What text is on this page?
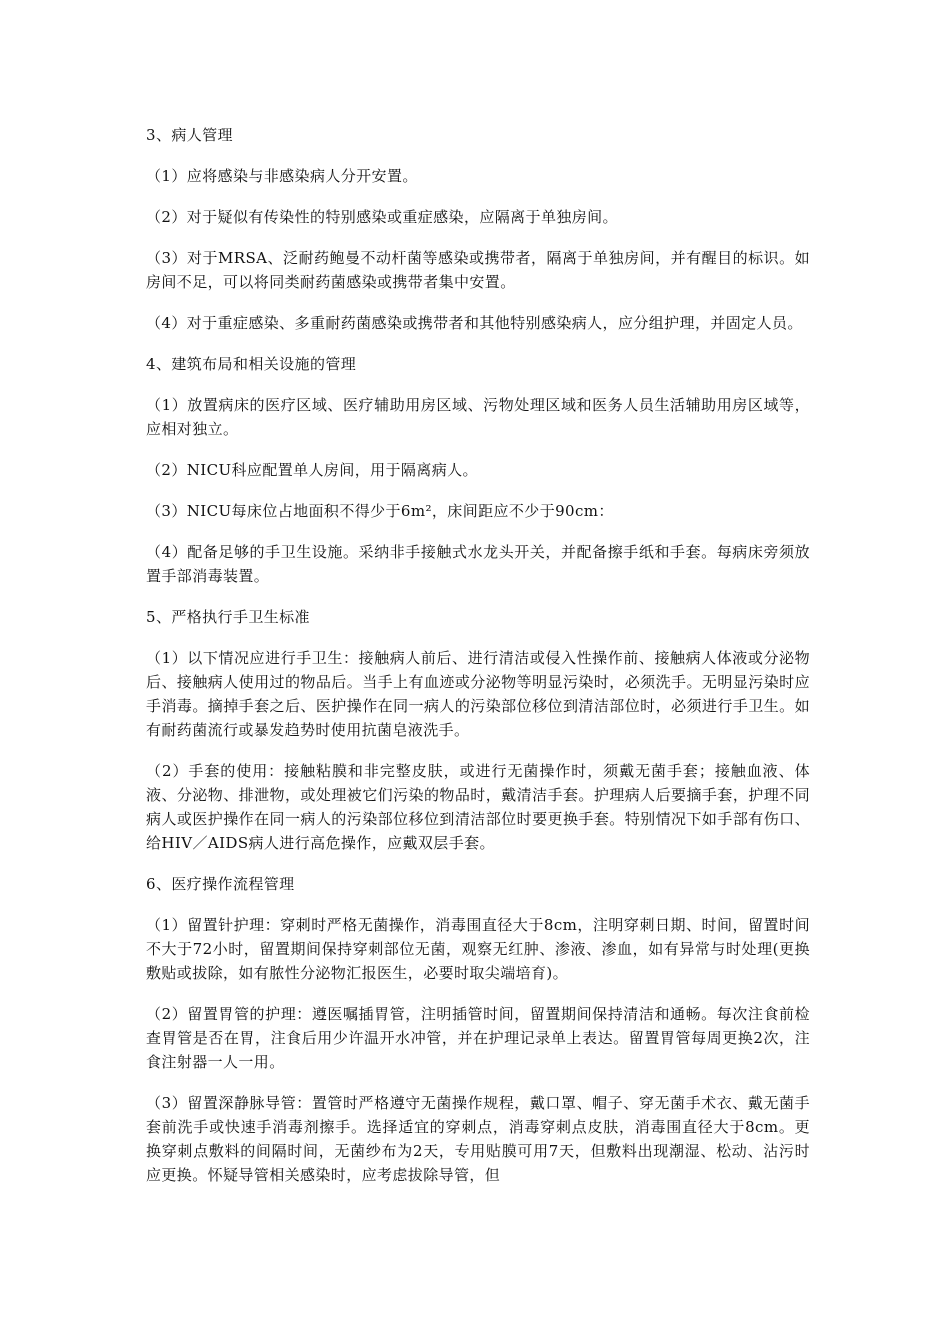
3、病人管理
（1）应将感染与非感染病人分开安置。
（2）对于疑似有传染性的特别感染或重症感染，应隔离于单独房间。
（3）对于MRSA、泛耐药鲍曼不动杆菌等感染或携带者，隔离于单独房间，并有醒目的标识。如房间不足，可以将同类耐药菌感染或携带者集中安置。
（4）对于重症感染、多重耐药菌感染或携带者和其他特别感染病人，应分组护理，并固定人员。
4、建筑布局和相关设施的管理
（1）放置病床的医疗区域、医疗辅助用房区域、污物处理区域和医务人员生活辅助用房区域等，应相对独立。
（2）NICU科应配置单人房间，用于隔离病人。
（3）NICU每床位占地面积不得少于6m²，床间距应不少于90cm：
（4）配备足够的手卫生设施。采纳非手接触式水龙头开关，并配备擦手纸和手套。每病床旁须放置手部消毒装置。
5、严格执行手卫生标准
（1）以下情况应进行手卫生：接触病人前后、进行清洁或侵入性操作前、接触病人体液或分泌物后、接触病人使用过的物品后。当手上有血迹或分泌物等明显污染时，必须洗手。无明显污染时应手消毒。摘掉手套之后、医护操作在同一病人的污染部位移位到清洁部位时，必须进行手卫生。如有耐药菌流行或暴发趋势时使用抗菌皂液洗手。
（2）手套的使用：接触粘膜和非完整皮肤，或进行无菌操作时，须戴无菌手套；接触血液、体液、分泌物、排泄物，或处理被它们污染的物品时，戴清洁手套。护理病人后要摘手套，护理不同病人或医护操作在同一病人的污染部位移位到清洁部位时要更换手套。特别情况下如手部有伤口、给HIV／AIDS病人进行高危操作，应戴双层手套。
6、医疗操作流程管理
（1）留置针护理：穿刺时严格无菌操作，消毒围直径大于8cm，注明穿刺日期、时间，留置时间不大于72小时，留置期间保持穿刺部位无菌，观察无红肿、渗液、渗血，如有异常与时处理(更换敷贴或拔除，如有脓性分泌物汇报医生，必要时取尖端培育)。
（2）留置胃管的护理：遵医嘱插胃管，注明插管时间，留置期间保持清洁和通畅。每次注食前检查胃管是否在胃，注食后用少许温开水冲管，并在护理记录单上表达。留置胃管每周更换2次，注食注射器一人一用。
（3）留置深静脉导管：置管时严格遵守无菌操作规程，戴口罩、帽子、穿无菌手术衣、戴无菌手套前洗手或快速手消毒剂擦手。选择适宜的穿刺点，消毒穿刺点皮肤，消毒围直径大于8cm。更换穿刺点敷料的间隔时间，无菌纱布为2天，专用贴膜可用7天，但敷料出现潮湿、松动、沾污时应更换。怀疑导管相关感染时，应考虑拔除导管，但
